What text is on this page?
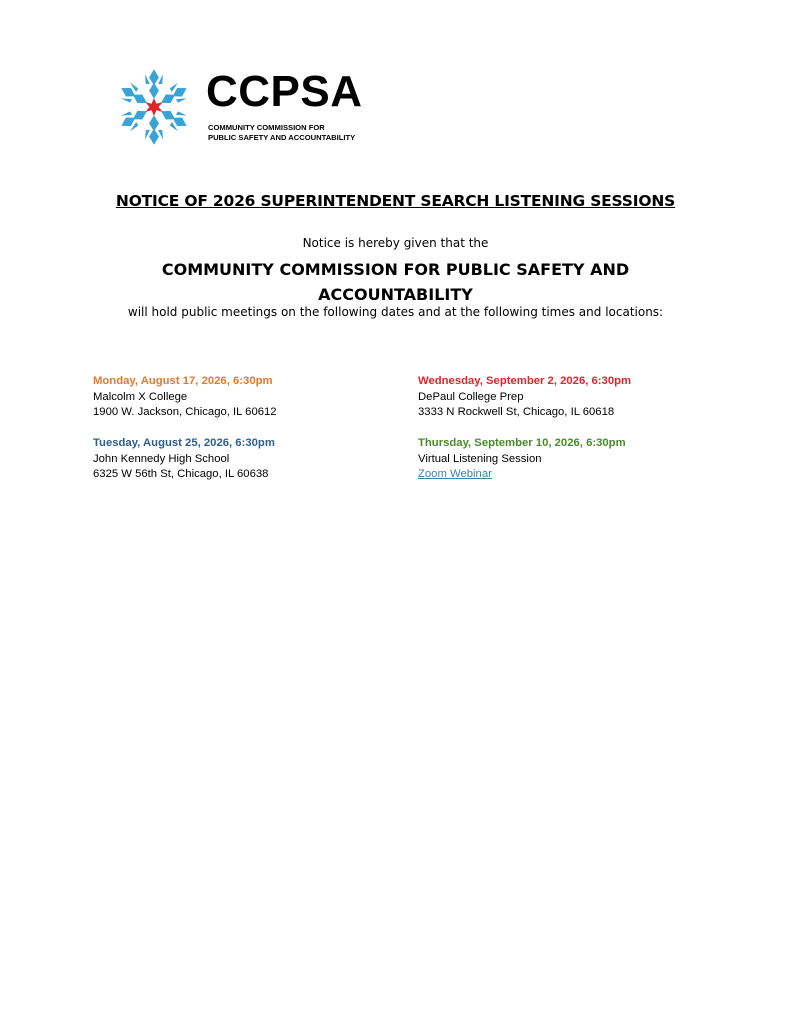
CCPSA
COMMUNITY COMMISSION FOR
PUBLIC SAFETY AND ACCOUNTABILITY
NOTICE OF 2026 SUPERINTENDENT SEARCH LISTENING SESSIONS
Notice is hereby given that the
COMMUNITY COMMISSION FOR PUBLIC SAFETY AND ACCOUNTABILITY
will hold public meetings on the following dates and at the following times and locations:
Monday, August 17, 2026, 6:30pm
Malcolm X College
1900 W. Jackson, Chicago, IL 60612
Tuesday, August 25, 2026, 6:30pm
John Kennedy High School
6325 W 56th St, Chicago, IL 60638
Wednesday, September 2, 2026, 6:30pm
DePaul College Prep
3333 N Rockwell St, Chicago, IL 60618
Thursday, September 10, 2026, 6:30pm
Virtual Listening Session
Zoom Webinar
